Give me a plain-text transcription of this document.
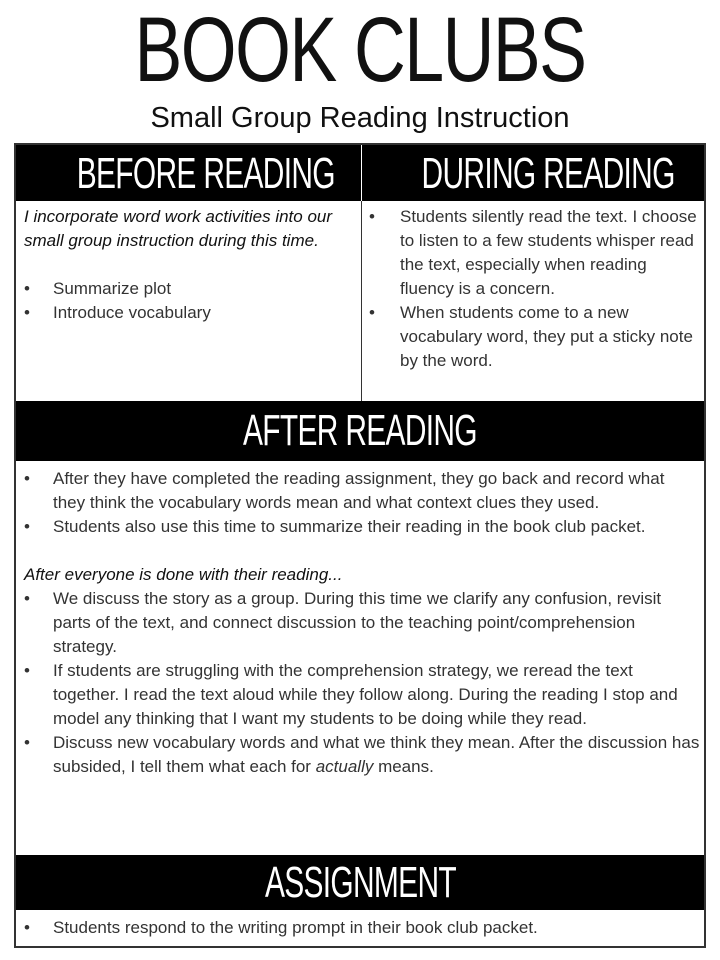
BOOK CLUBS
Small Group Reading Instruction
BEFORE READING	DURING READING

I incorporate word work activities into our small group instruction during this time.

• Summarize plot
• Introduce vocabulary
• Students silently read the text. I choose to listen to a few students whisper read the text, especially when reading fluency is a concern.
• When students come to a new vocabulary word, they put a sticky note by the word.
AFTER READING
• After they have completed the reading assignment, they go back and record what they think the vocabulary words mean and what context clues they used.
• Students also use this time to summarize their reading in the book club packet.

After everyone is done with their reading...

• We discuss the story as a group. During this time we clarify any confusion, revisit parts of the text, and connect discussion to the teaching point/comprehension strategy.
• If students are struggling with the comprehension strategy, we reread the text together. I read the text aloud while they follow along. During the reading I stop and model any thinking that I want my students to be doing while they read.
• Discuss new vocabulary words and what we think they mean. After the discussion has subsided, I tell them what each for actually means.
ASSIGNMENT
• Students respond to the writing prompt in their book club packet.
